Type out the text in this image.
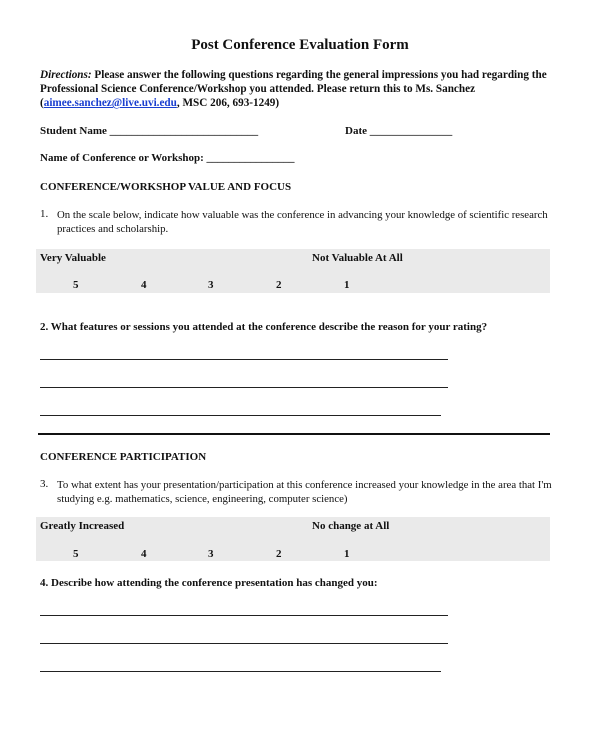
Post Conference Evaluation Form
Directions: Please answer the following questions regarding the general impressions you had regarding the Professional Science Conference/Workshop you attended. Please return this to Ms. Sanchez (aimee.sanchez@live.uvi.edu, MSC 206, 693-1249)
Student Name ___________________________	Date _______________
Name of Conference or Workshop: ________________
CONFERENCE/WORKSHOP VALUE AND FOCUS
1. On the scale below, indicate how valuable was the conference in advancing your knowledge of scientific research practices and scholarship.
Very Valuable	Not Valuable At All
5	4	3	2	1
2. What features or sessions you attended at the conference describe the reason for your rating?
CONFERENCE PARTICIPATION
3. To what extent has your presentation/participation at this conference increased your knowledge in the area that I'm studying e.g. mathematics, science, engineering, computer science)
Greatly Increased	No change at All
5	4	3	2	1
4. Describe how attending the conference presentation has changed you:
